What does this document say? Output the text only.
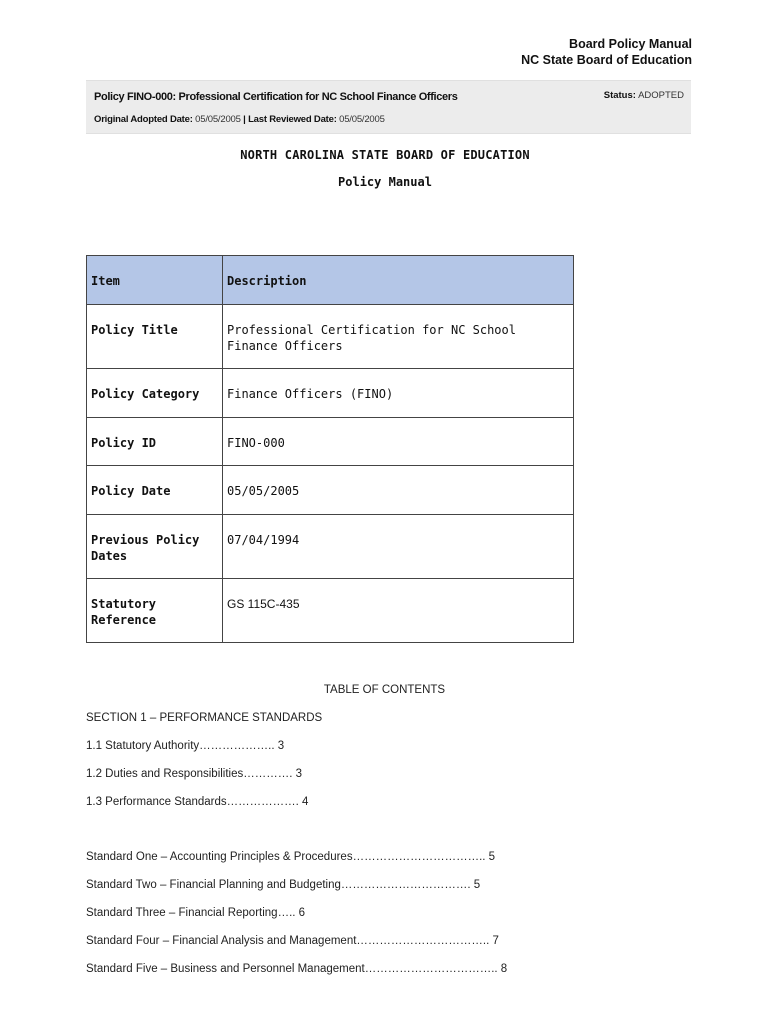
Board Policy Manual
NC State Board of Education
Policy FINO-000: Professional Certification for NC School Finance Officers	Status: ADOPTED
Original Adopted Date: 05/05/2005 | Last Reviewed Date: 05/05/2005
NORTH CAROLINA STATE BOARD OF EDUCATION
Policy Manual
Item	Description
Policy Title	Professional Certification for NC School Finance Officers
Policy Category	Finance Officers (FINO)
Policy ID	FINO-000
Policy Date	05/05/2005
Previous Policy Dates	07/04/1994
Statutory Reference	GS 115C-435
TABLE OF CONTENTS
SECTION 1 – PERFORMANCE STANDARDS
1.1 Statutory Authority……………….. 3
1.2 Duties and Responsibilities…………. 3
1.3 Performance Standards………………. 4
Standard One – Accounting Principles & Procedures…………………………….. 5
Standard Two – Financial Planning and Budgeting……………………………. 5
Standard Three – Financial Reporting….. 6
Standard Four – Financial Analysis and Management…………………………….. 7
Standard Five – Business and Personnel Management…………………………….. 8
